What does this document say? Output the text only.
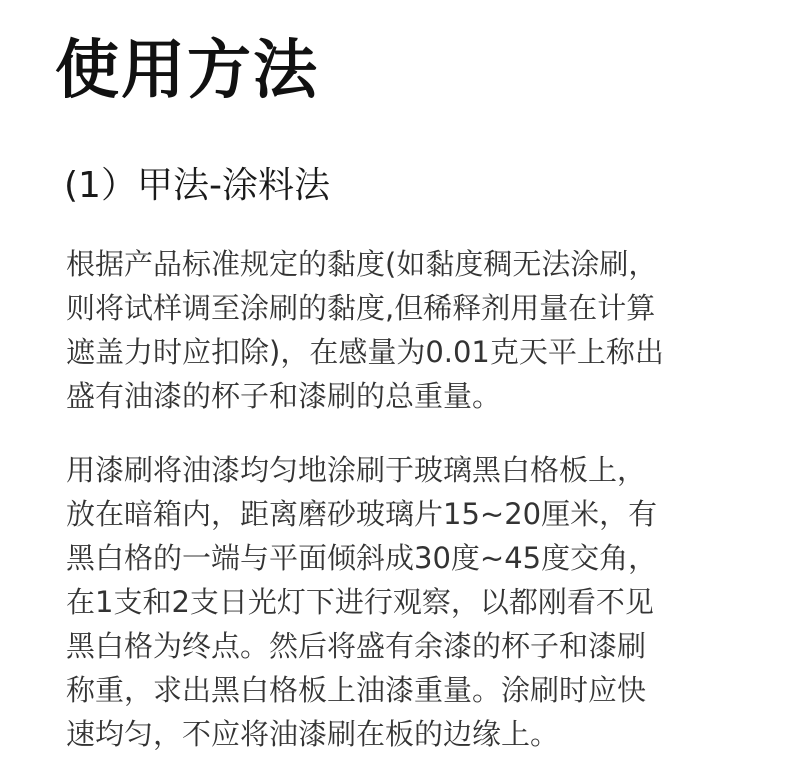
使用方法
(1）甲法-涂料法

根据产品标准规定的黏度(如黏度稠无法涂刷，
则将试样调至涂刷的黏度,但稀释剂用量在计算
遮盖力时应扣除)，在感量为0.01克天平上称出
盛有油漆的杯子和漆刷的总重量。

用漆刷将油漆均匀地涂刷于玻璃黑白格板上，
放在暗箱内，距离磨砂玻璃片15~20厘米，有
黑白格的一端与平面倾斜成30度~45度交角，
在1支和2支日光灯下进行观察，以都刚看不见
黑白格为终点。然后将盛有余漆的杯子和漆刷
称重，求出黑白格板上油漆重量。涂刷时应快
速均匀，不应将油漆刷在板的边缘上。
